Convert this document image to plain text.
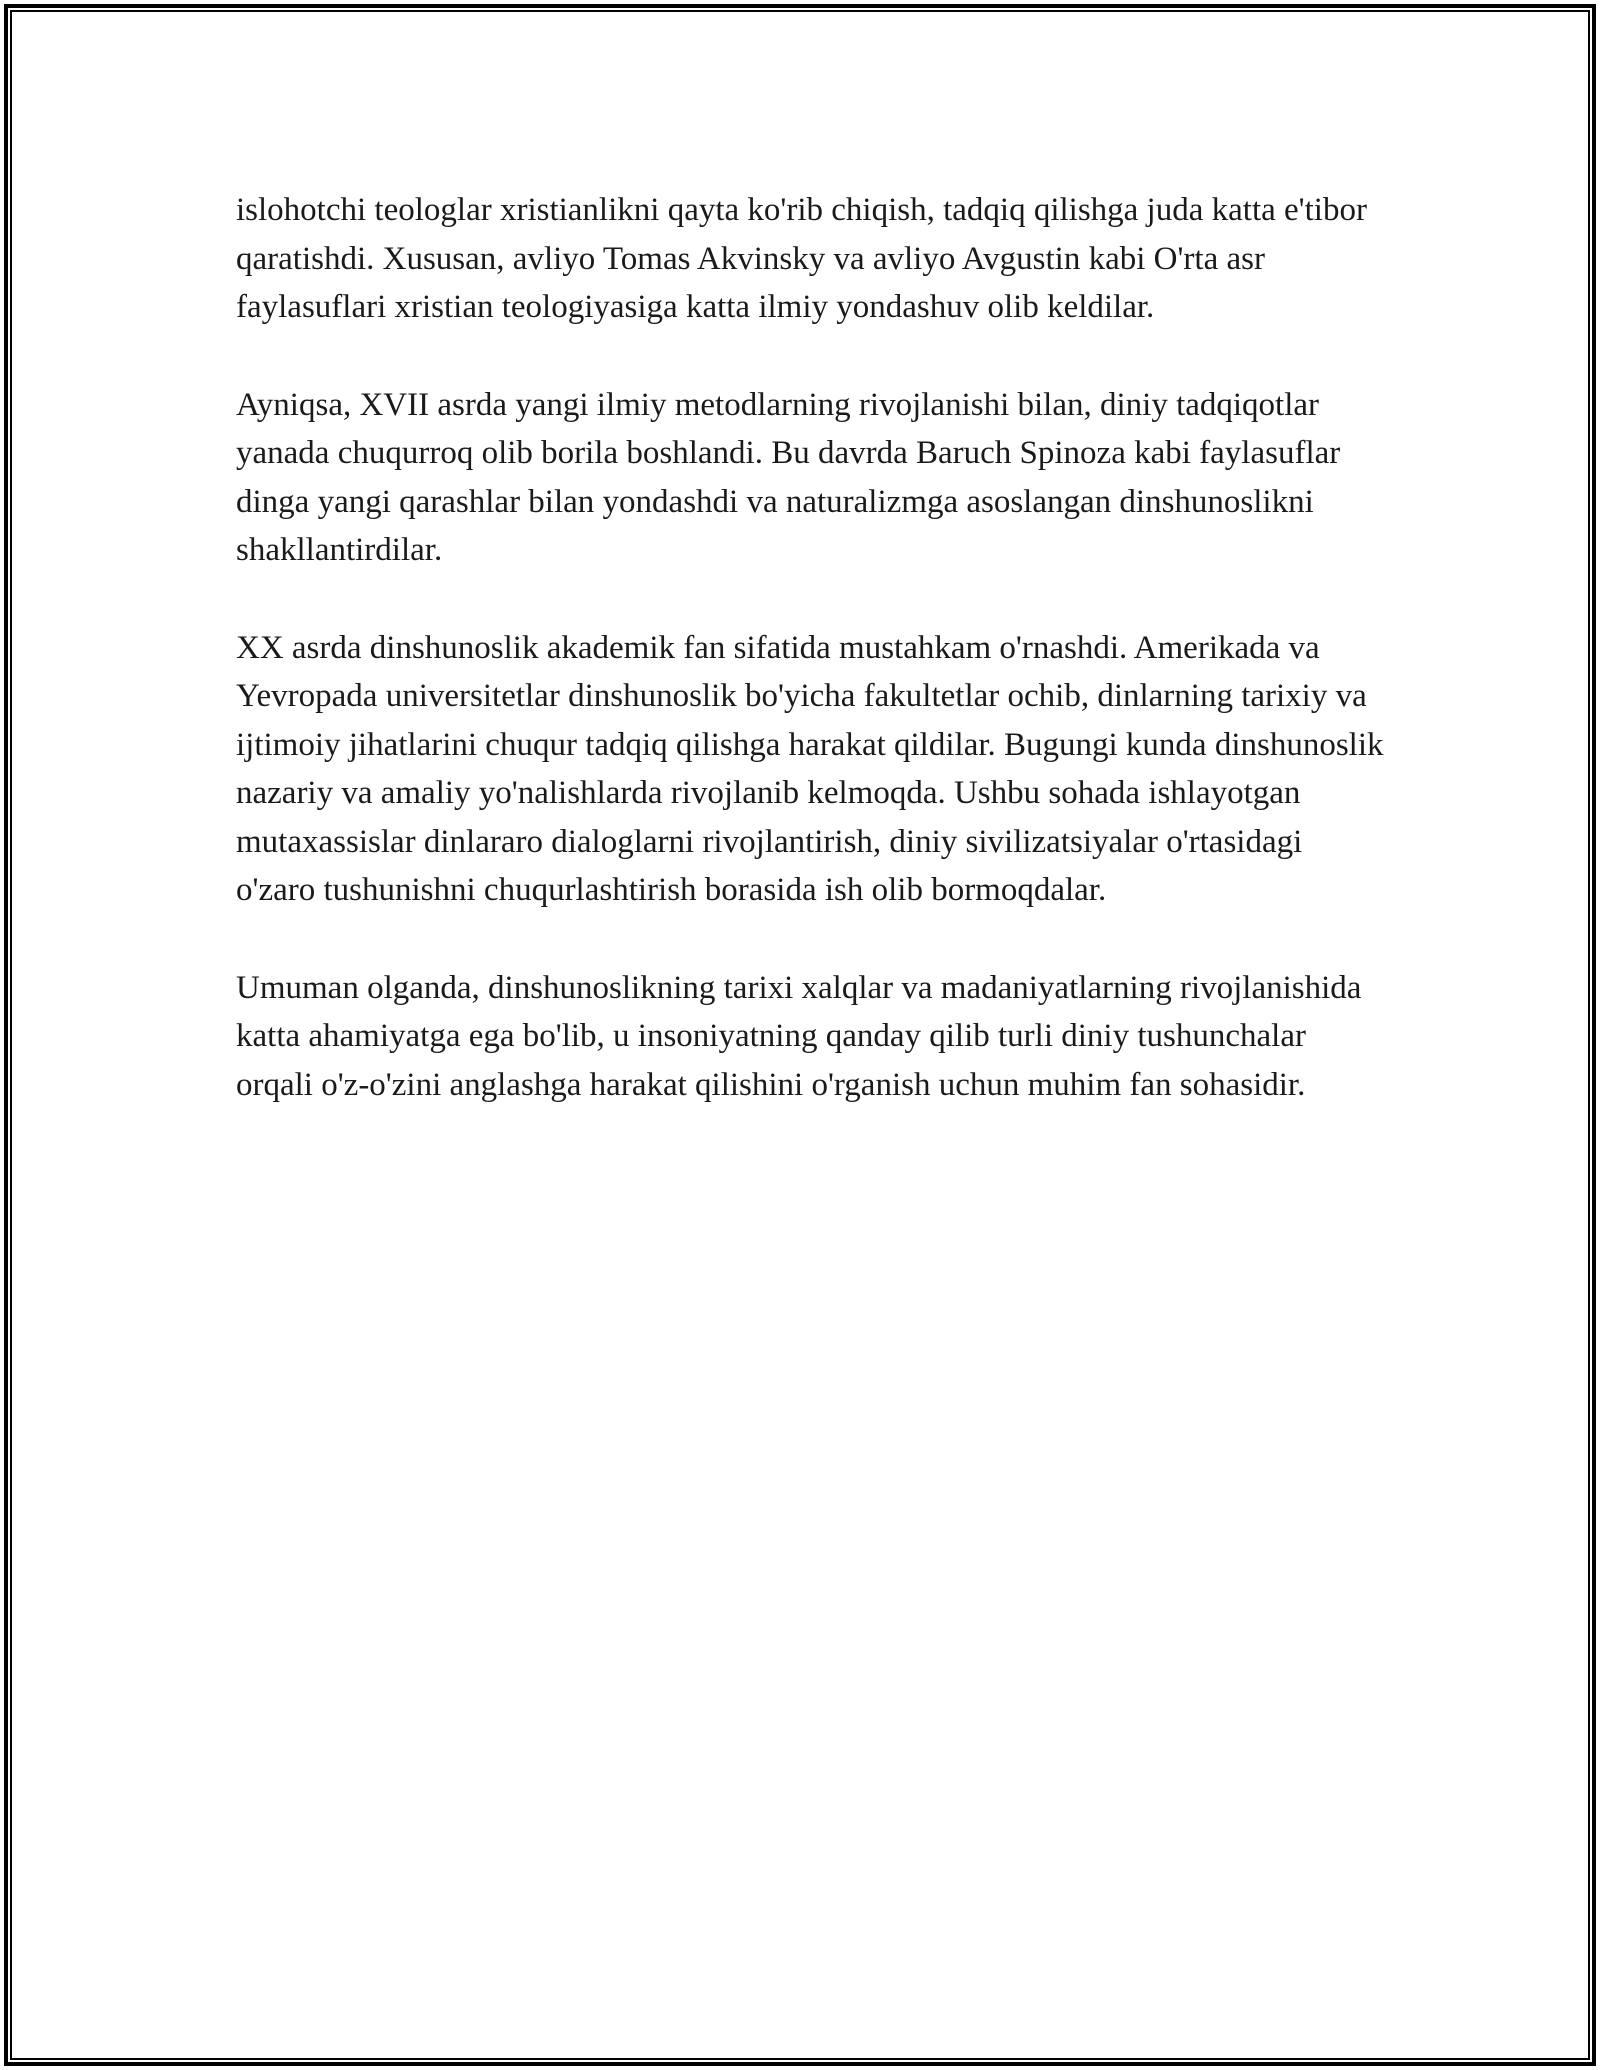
islohotchi teologlar xristianlikni qayta ko'rib chiqish, tadqiq qilishga juda katta e'tibor qaratishdi. Xususan, avliyo Tomas Akvinsky va avliyo Avgustin kabi O'rta asr faylasuflari xristian teologiyasiga katta ilmiy yondashuv olib keldilar.

Ayniqsa, XVII asrda yangi ilmiy metodlarning rivojlanishi bilan, diniy tadqiqotlar yanada chuqurroq olib borila boshlandi. Bu davrda Baruch Spinoza kabi faylasuflar dinga yangi qarashlar bilan yondashdi va naturalizmga asoslangan dinshunoslikni shakllantirdilar.

XX asrda dinshunoslik akademik fan sifatida mustahkam o'rnashdi. Amerikada va Yevropada universitetlar dinshunoslik bo'yicha fakultetlar ochib, dinlarning tarixiy va ijtimoiy jihatlarini chuqur tadqiq qilishga harakat qildilar. Bugungi kunda dinshunoslik nazariy va amaliy yo'nalishlarda rivojlanib kelmoqda. Ushbu sohada ishlayotgan mutaxassislar dinlararo dialoglarni rivojlantirish, diniy sivilizatsiyalar o'rtasidagi o'zaro tushunishni chuqurlashtirish borasida ish olib bormoqdalar.

Umuman olganda, dinshunoslikning tarixi xalqlar va madaniyatlarning rivojlanishida katta ahamiyatga ega bo'lib, u insoniyatning qanday qilib turli diniy tushunchalar orqali o'z-o'zini anglashga harakat qilishini o'rganish uchun muhim fan sohasidir.
